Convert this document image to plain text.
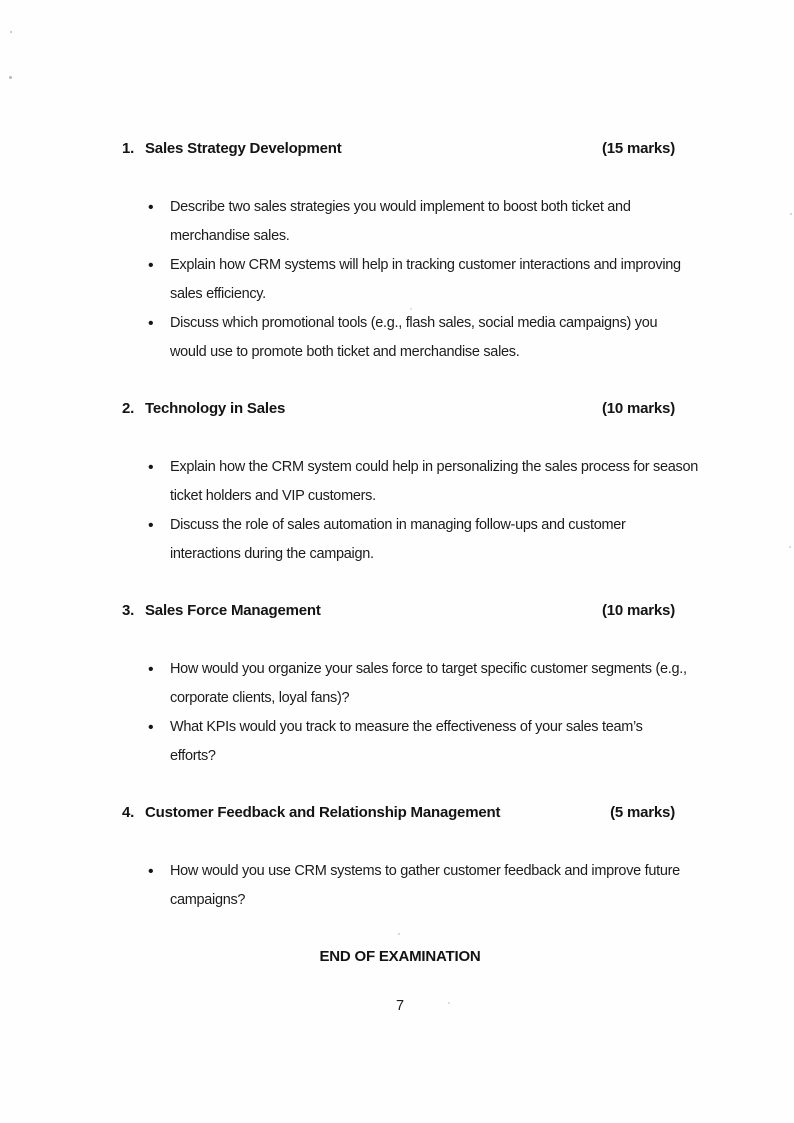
1. Sales Strategy Development	(15 marks)
• Describe two sales strategies you would implement to boost both ticket and
merchandise sales.
• Explain how CRM systems will help in tracking customer interactions and improving
sales efficiency.
• Discuss which promotional tools (e.g., flash sales, social media campaigns) you
would use to promote both ticket and merchandise sales.
2. Technology in Sales	(10 marks)
• Explain how the CRM system could help in personalizing the sales process for season
ticket holders and VIP customers.
• Discuss the role of sales automation in managing follow-ups and customer
interactions during the campaign.
3. Sales Force Management	(10 marks)
• How would you organize your sales force to target specific customer segments (e.g.,
corporate clients, loyal fans)?
• What KPIs would you track to measure the effectiveness of your sales team’s
efforts?
4. Customer Feedback and Relationship Management	(5 marks)
• How would you use CRM systems to gather customer feedback and improve future
campaigns?
END OF EXAMINATION
7
